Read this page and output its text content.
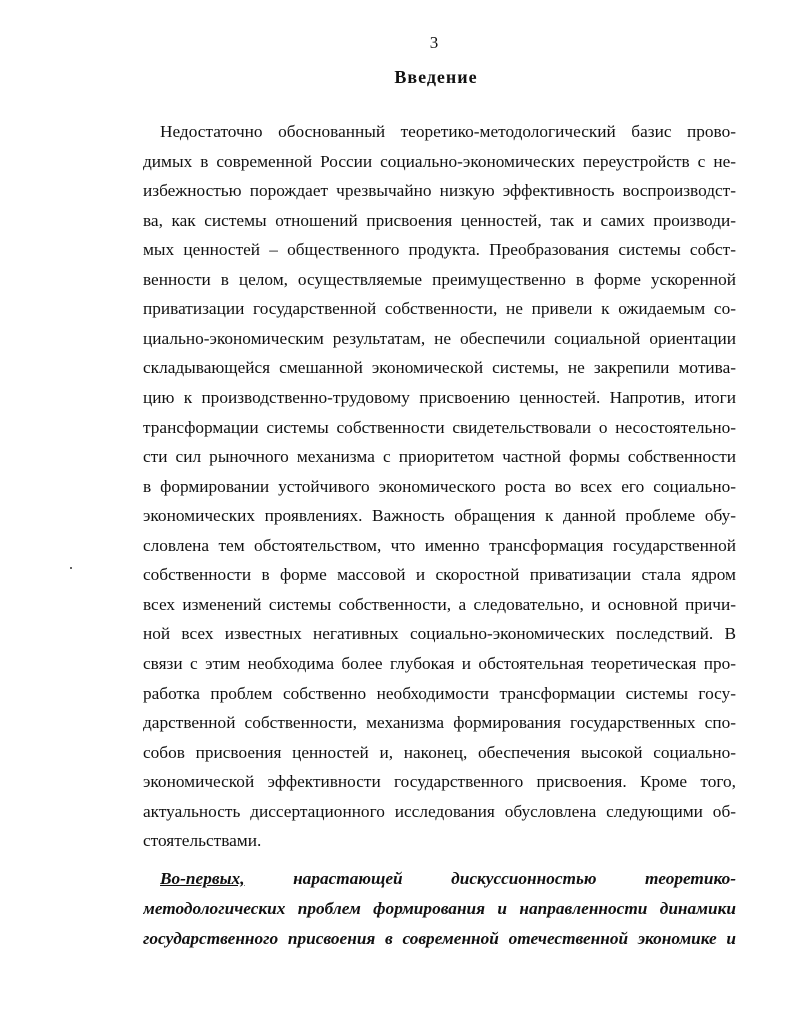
3
Введение
Недостаточно обоснованный теоретико-методологический базис прово-
димых в современной России социально-экономических переустройств с не-
избежностью порождает чрезвычайно низкую эффективность воспроизводст-
ва, как системы отношений присвоения ценностей, так и самих производи-
мых ценностей – общественного продукта. Преобразования системы собст-
венности в целом, осуществляемые преимущественно в форме ускоренной
приватизации государственной собственности, не привели к ожидаемым со-
циально-экономическим результатам, не обеспечили социальной ориентации
складывающейся смешанной экономической системы, не закрепили мотива-
цию к производственно-трудовому присвоению ценностей. Напротив, итоги
трансформации системы собственности свидетельствовали о несостоятельно-
сти сил рыночного механизма с приоритетом частной формы собственности
в формировании устойчивого экономического роста во всех его социально-
экономических проявлениях. Важность обращения к данной проблеме обу-
словлена тем обстоятельством, что именно трансформация государственной
собственности в форме массовой и скоростной приватизации стала ядром
всех изменений системы собственности, а следовательно, и основной причи-
ной всех известных негативных социально-экономических последствий. В
связи с этим необходима более глубокая и обстоятельная теоретическая про-
работка проблем собственно необходимости трансформации системы госу-
дарственной собственности, механизма формирования государственных спо-
собов присвоения ценностей и, наконец, обеспечения высокой социально-
экономической эффективности государственного присвоения. Кроме того,
актуальность диссертационного исследования обусловлена следующими об-
стоятельствами.
Во-первых,	нарастающей дискуссионностью теоретико-
методологических проблем формирования и направленности динамики
государственного присвоения в современной отечественной экономике и
